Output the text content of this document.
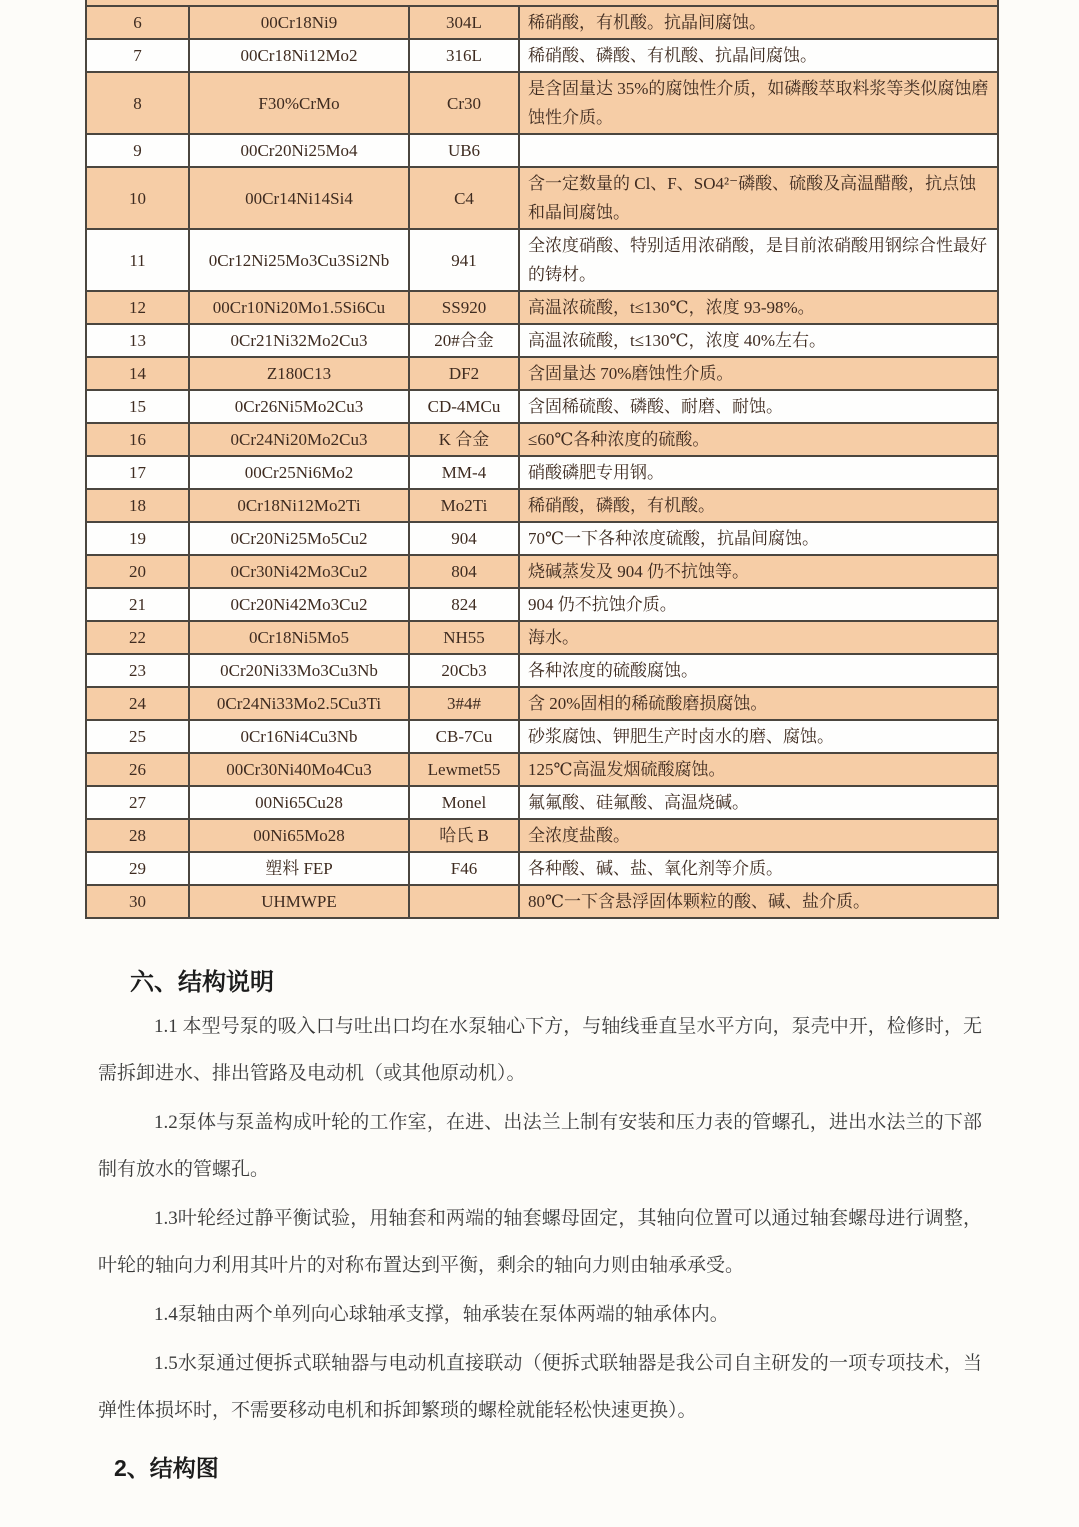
6	00Cr18Ni9	304L	稀硝酸，有机酸。抗晶间腐蚀。
7	00Cr18Ni12Mo2	316L	稀硝酸、磷酸、有机酸、抗晶间腐蚀。
8	F30%CrMo	Cr30	是含固量达 35%的腐蚀性介质，如磷酸萃取料浆等类似腐蚀磨蚀性介质。
9	00Cr20Ni25Mo4	UB6	
10	00Cr14Ni14Si4	C4	含一定数量的 Cl、F、SO4²⁻磷酸、硫酸及高温醋酸，抗点蚀和晶间腐蚀。
11	0Cr12Ni25Mo3Cu3Si2Nb	941	全浓度硝酸、特别适用浓硝酸，是目前浓硝酸用钢综合性最好的铸材。
12	00Cr10Ni20Mo1.5Si6Cu	SS920	高温浓硫酸，t≤130℃，浓度 93-98%。
13	0Cr21Ni32Mo2Cu3	20#合金	高温浓硫酸，t≤130℃，浓度 40%左右。
14	Z180C13	DF2	含固量达 70%磨蚀性介质。
15	0Cr26Ni5Mo2Cu3	CD-4MCu	含固稀硫酸、磷酸、耐磨、耐蚀。
16	0Cr24Ni20Mo2Cu3	K 合金	≤60℃各种浓度的硫酸。
17	00Cr25Ni6Mo2	MM-4	硝酸磷肥专用钢。
18	0Cr18Ni12Mo2Ti	Mo2Ti	稀硝酸，磷酸，有机酸。
19	0Cr20Ni25Mo5Cu2	904	70℃一下各种浓度硫酸，抗晶间腐蚀。
20	0Cr30Ni42Mo3Cu2	804	烧碱蒸发及 904 仍不抗蚀等。
21	0Cr20Ni42Mo3Cu2	824	904 仍不抗蚀介质。
22	0Cr18Ni5Mo5	NH55	海水。
23	0Cr20Ni33Mo3Cu3Nb	20Cb3	各种浓度的硫酸腐蚀。
24	0Cr24Ni33Mo2.5Cu3Ti	3#4#	含 20%固相的稀硫酸磨损腐蚀。
25	0Cr16Ni4Cu3Nb	CB-7Cu	砂浆腐蚀、钾肥生产时卤水的磨、腐蚀。
26	00Cr30Ni40Mo4Cu3	Lewmet55	125℃高温发烟硫酸腐蚀。
27	00Ni65Cu28	Monel	氟氟酸、硅氟酸、高温烧碱。
28	00Ni65Mo28	哈氏 B	全浓度盐酸。
29	塑料 FEP	F46	各种酸、碱、盐、氧化剂等介质。
30	UHMWPE		80℃一下含悬浮固体颗粒的酸、碱、盐介质。
六、结构说明

1.1 本型号泵的吸入口与吐出口均在水泵轴心下方，与轴线垂直呈水平方向，泵壳中开，检修时，无需拆卸进水、排出管路及电动机（或其他原动机）。

1.2泵体与泵盖构成叶轮的工作室，在进、出法兰上制有安装和压力表的管螺孔，进出水法兰的下部制有放水的管螺孔。

1.3叶轮经过静平衡试验，用轴套和两端的轴套螺母固定，其轴向位置可以通过轴套螺母进行调整，叶轮的轴向力利用其叶片的对称布置达到平衡，剩余的轴向力则由轴承承受。

1.4泵轴由两个单列向心球轴承支撑，轴承装在泵体两端的轴承体内。

1.5水泵通过便拆式联轴器与电动机直接联动（便拆式联轴器是我公司自主研发的一项专项技术，当弹性体损坏时，不需要移动电机和拆卸繁琐的螺栓就能轻松快速更换）。

2、结构图
